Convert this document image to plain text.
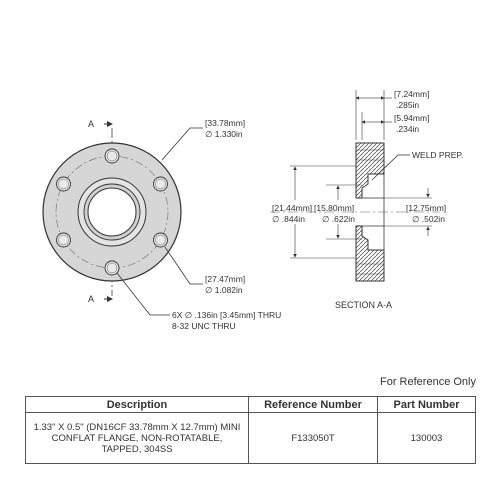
A
A
[33.78mm]
∅ 1.330in
[27.47mm]
∅ 1.082in
6X ∅ .136in [3.45mm] THRU
8-32 UNC THRU
[7.24mm]
.285in
[5.94mm]
.234in
WELD PREP.
[21.44mm]
∅ .844in
[15.80mm]
∅ .622in
[12.75mm]
∅ .502in
SECTION A-A
For Reference Only
Description	Reference Number	Part Number
1.33" X 0.5" (DN16CF 33.78mm X 12.7mm) MINI CONFLAT FLANGE, NON-ROTATABLE, TAPPED, 304SS	F133050T	130003
